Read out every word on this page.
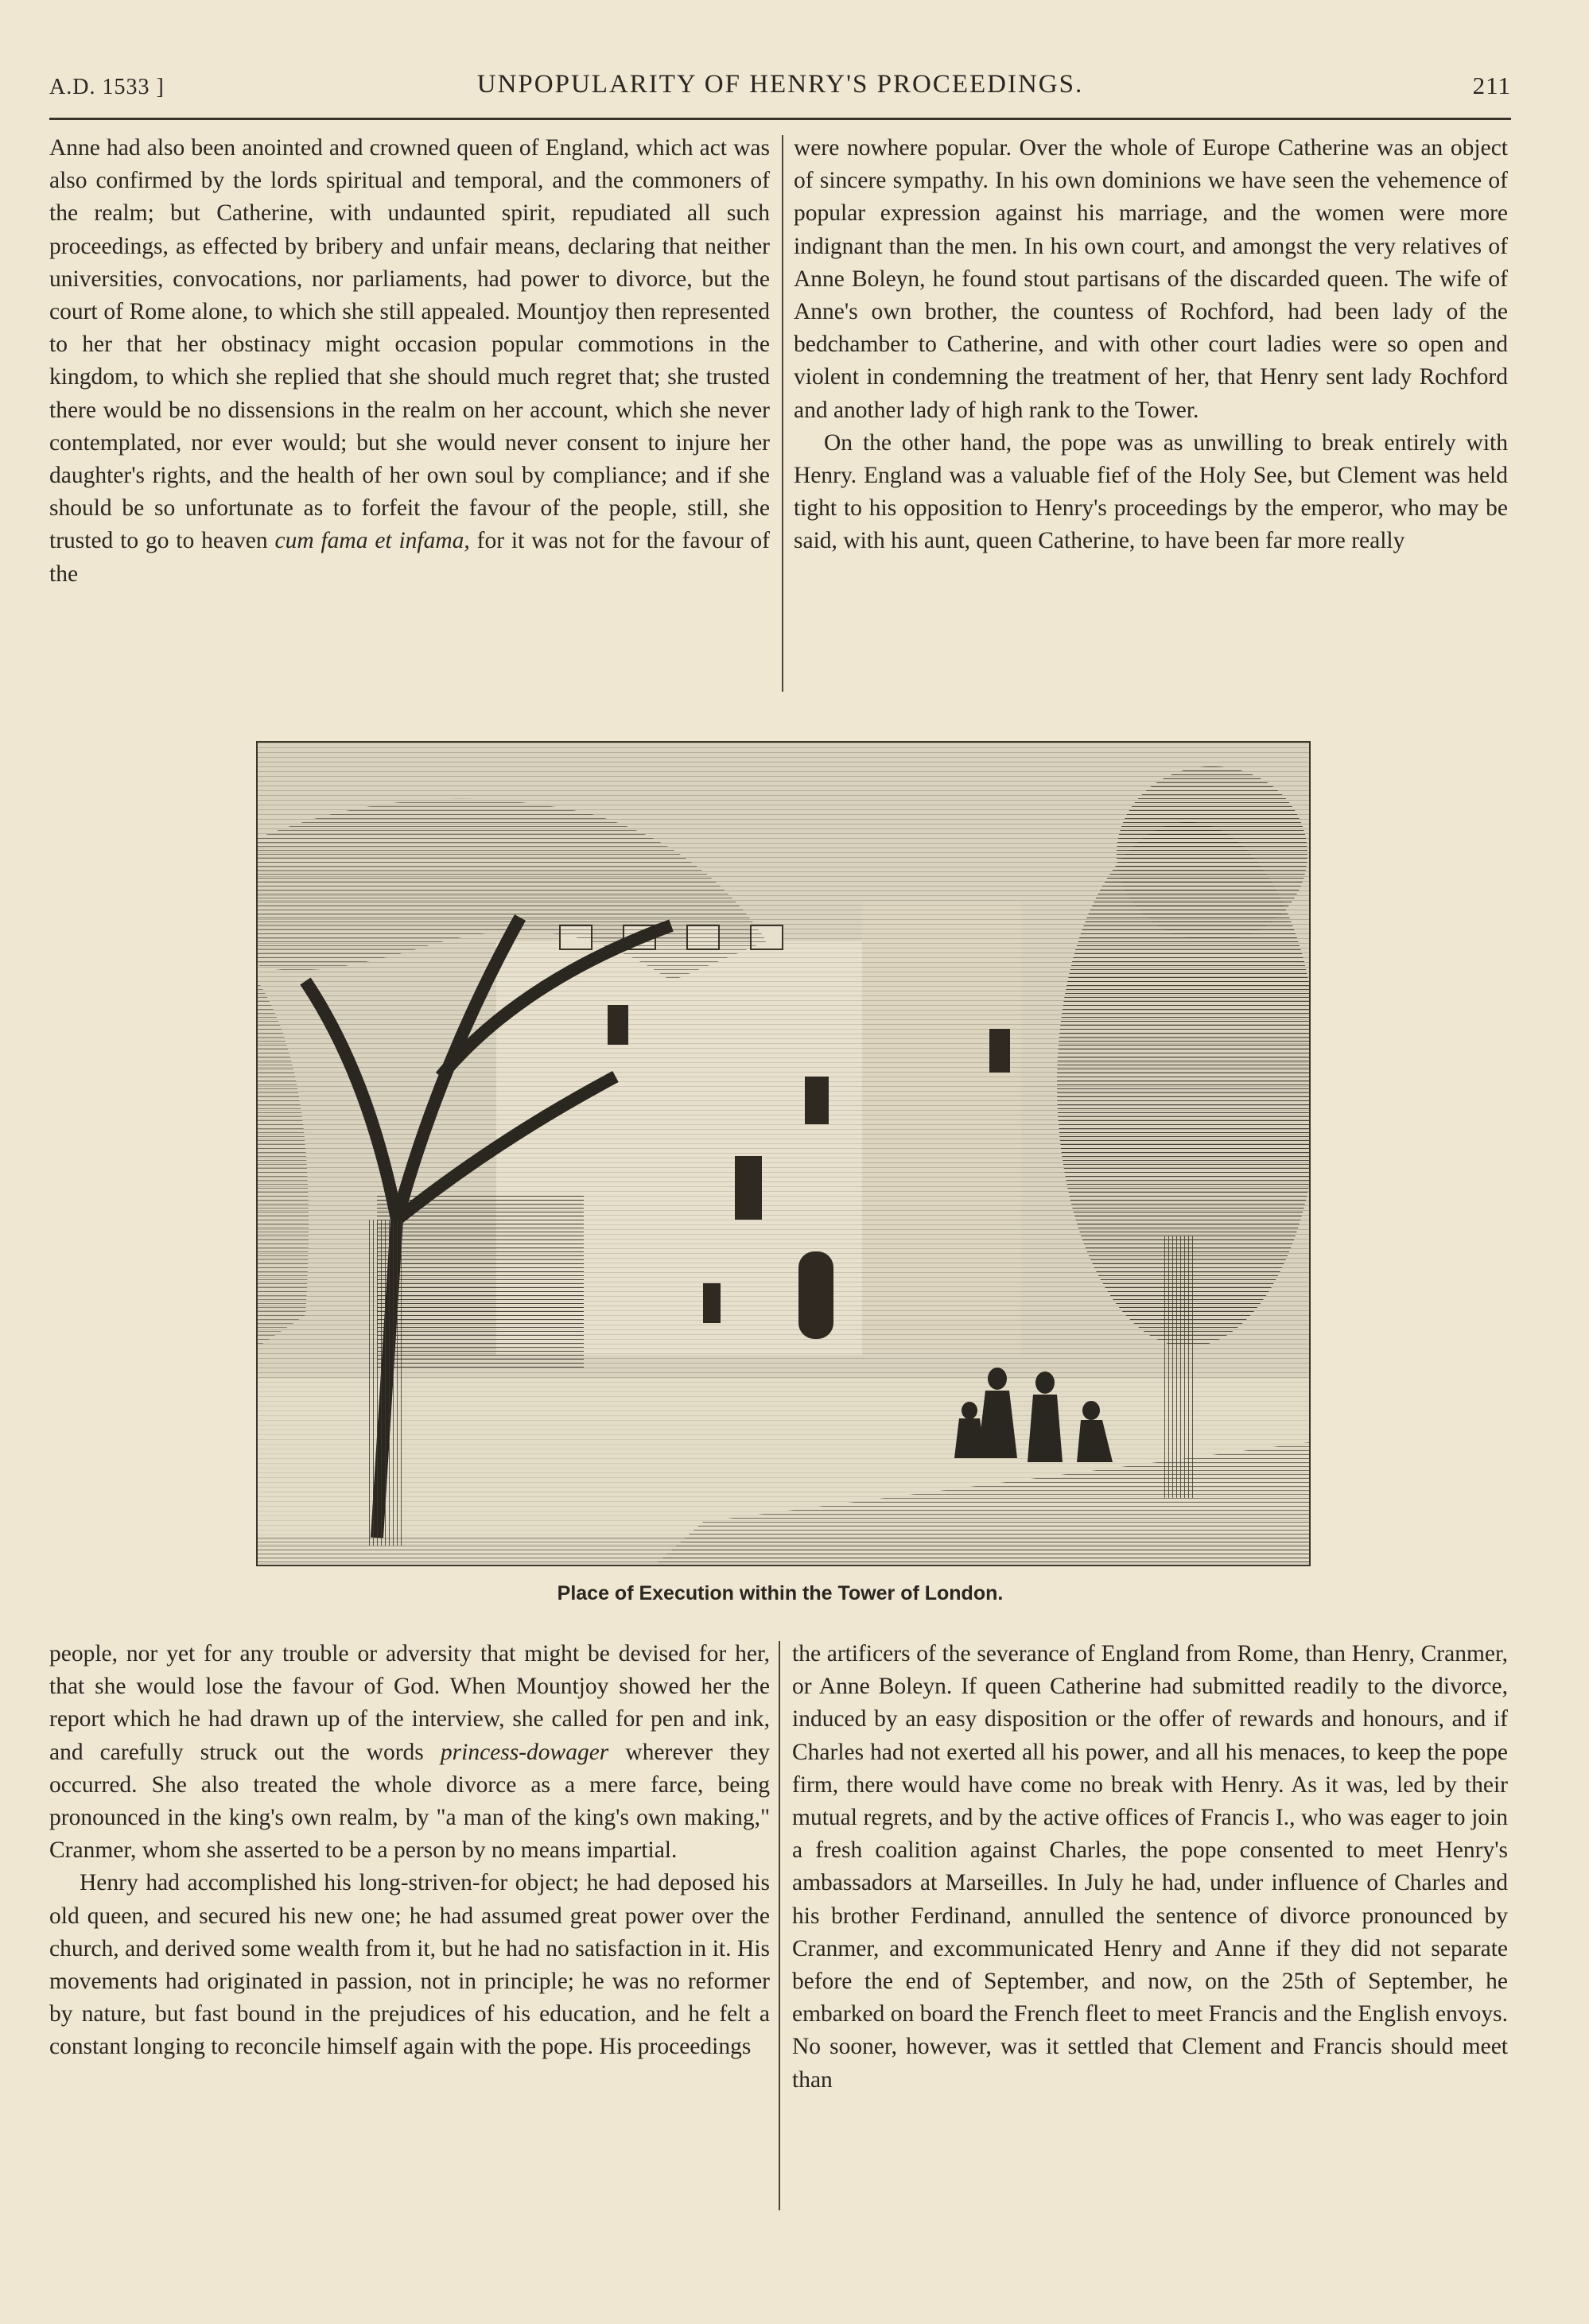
A.D. 1533 ]	UNPOPULARITY OF HENRY'S PROCEEDINGS.	211

Anne had also been anointed and crowned queen of England, which act was also confirmed by the lords spiritual and temporal, and the commoners of the realm; but Catherine, with undaunted spirit, repudiated all such proceedings, as effected by bribery and unfair means, declaring that neither universities, convocations, nor parliaments, had power to divorce, but the court of Rome alone, to which she still appealed. Mountjoy then represented to her that her obstinacy might occasion popular commotions in the kingdom, to which she replied that she should much regret that; she trusted there would be no dissensions in the realm on her account, which she never contemplated, nor ever would; but she would never consent to injure her daughter's rights, and the health of her own soul by compliance; and if she should be so unfortunate as to forfeit the favour of the people, still, she trusted to go to heaven cum fama et infama, for it was not for the favour of the

were nowhere popular. Over the whole of Europe Catherine was an object of sincere sympathy. In his own dominions we have seen the vehemence of popular expression against his marriage, and the women were more indignant than the men. In his own court, and amongst the very relatives of Anne Boleyn, he found stout partisans of the discarded queen. The wife of Anne's own brother, the countess of Rochford, had been lady of the bedchamber to Catherine, and with other court ladies were so open and violent in condemning the treatment of her, that Henry sent lady Rochford and another lady of high rank to the Tower.

On the other hand, the pope was as unwilling to break entirely with Henry. England was a valuable fief of the Holy See, but Clement was held tight to his opposition to Henry's proceedings by the emperor, who may be said, with his aunt, queen Catherine, to have been far more really

Place of Execution within the Tower of London.

people, nor yet for any trouble or adversity that might be devised for her, that she would lose the favour of God. When Mountjoy showed her the report which he had drawn up of the interview, she called for pen and ink, and carefully struck out the words princess-dowager wherever they occurred. She also treated the whole divorce as a mere farce, being pronounced in the king's own realm, by "a man of the king's own making," Cranmer, whom she asserted to be a person by no means impartial.

Henry had accomplished his long-striven-for object; he had deposed his old queen, and secured his new one; he had assumed great power over the church, and derived some wealth from it, but he had no satisfaction in it. His movements had originated in passion, not in principle; he was no reformer by nature, but fast bound in the prejudices of his education, and he felt a constant longing to reconcile himself again with the pope. His proceedings

the artificers of the severance of England from Rome, than Henry, Cranmer, or Anne Boleyn. If queen Catherine had submitted readily to the divorce, induced by an easy disposition or the offer of rewards and honours, and if Charles had not exerted all his power, and all his menaces, to keep the pope firm, there would have come no break with Henry. As it was, led by their mutual regrets, and by the active offices of Francis I., who was eager to join a fresh coalition against Charles, the pope consented to meet Henry's ambassadors at Marseilles. In July he had, under influence of Charles and his brother Ferdinand, annulled the sentence of divorce pronounced by Cranmer, and excommunicated Henry and Anne if they did not separate before the end of September, and now, on the 25th of September, he embarked on board the French fleet to meet Francis and the English envoys. No sooner, however, was it settled that Clement and Francis should meet than
